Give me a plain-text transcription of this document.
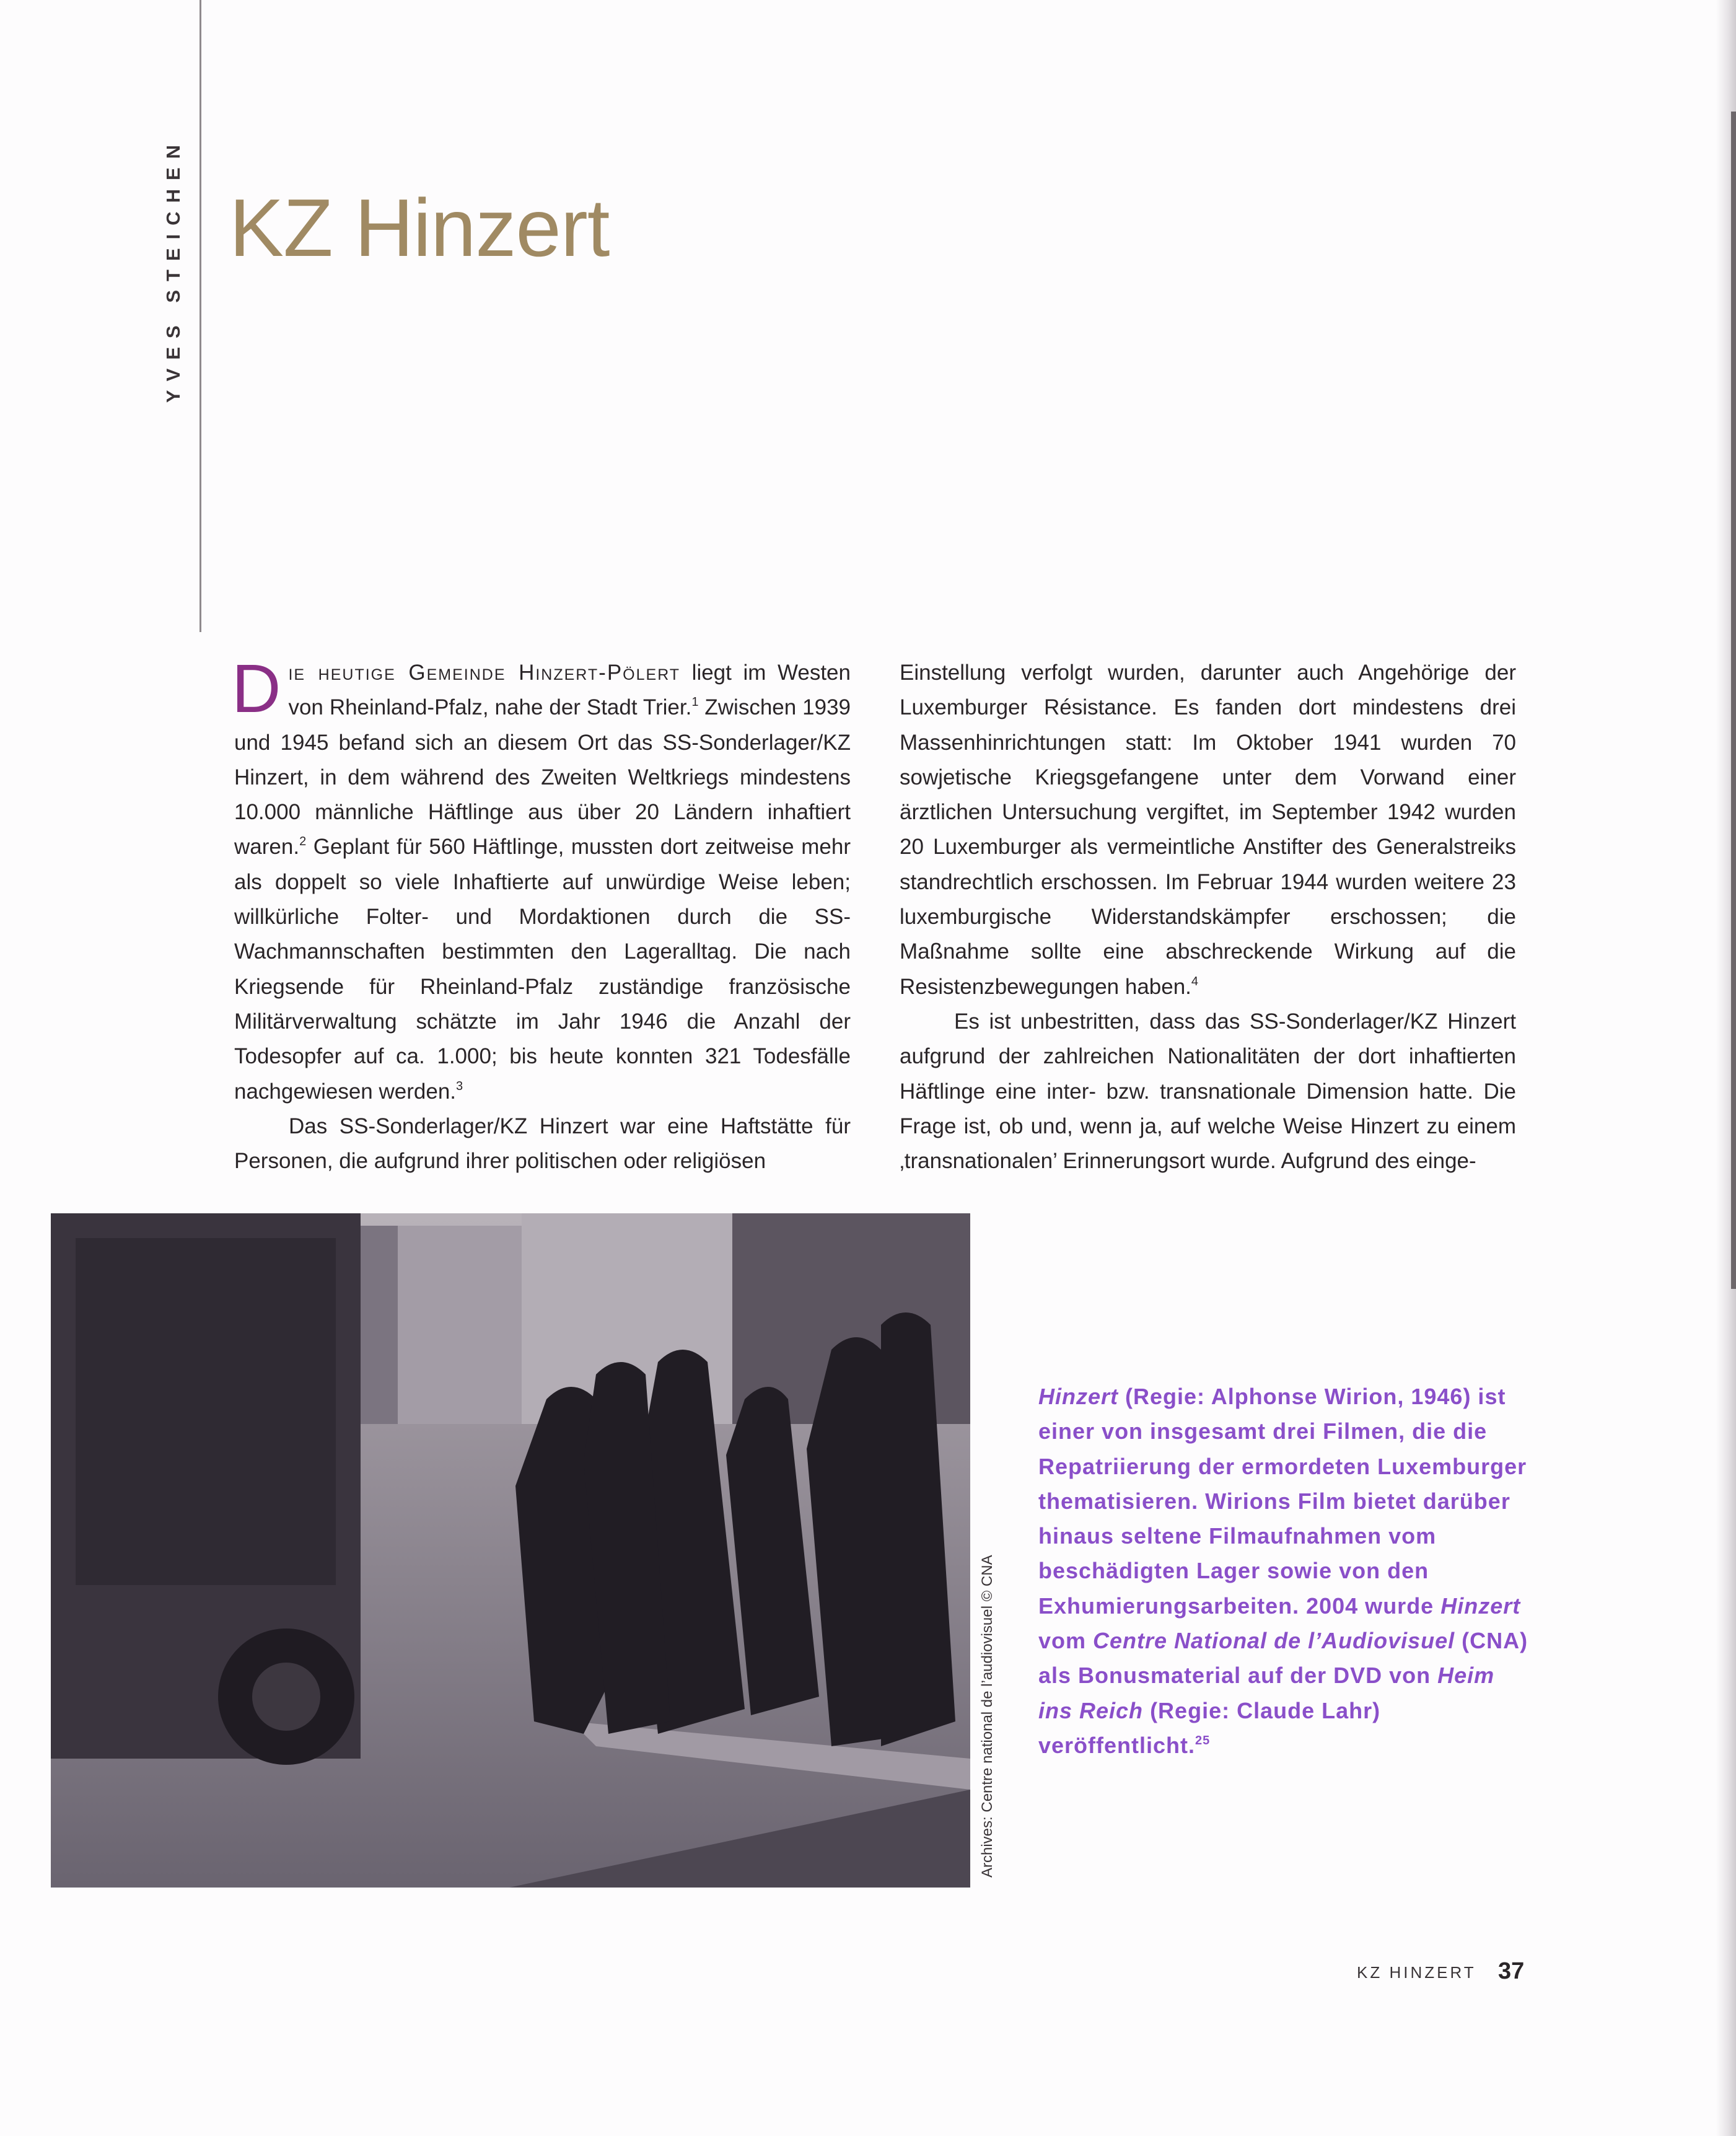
YVES STEICHEN KZ Hinzert

Die heutige Gemeinde Hinzert-Pölert liegt im Westen von Rheinland-Pfalz, nahe der Stadt Trier.$^1$ Zwischen 1939 und 1945 befand sich an diesem Ort das SS-Sonderlager/KZ Hinzert, in dem während des Zweiten Weltkriegs mindestens 10.000 männliche Häftlinge aus über 20 Ländern inhaftiert waren.$^2$ Geplant für 560 Häftlinge, mussten dort zeitweise mehr als doppelt so viele Inhaftierte auf unwürdige Weise leben; willkürliche Folter- und Mordaktionen durch die SS-Wachmannschaften bestimmten den Lageralltag. Die nach Kriegsende für Rheinland-Pfalz zuständige französische Militärverwaltung schätzte im Jahr 1946 die Anzahl der Todesopfer auf ca. 1.000; bis heute konnten 321 Todesfälle nachgewiesen werden.$^3$

Das SS-Sonderlager/KZ Hinzert war eine Haftstätte für Personen, die aufgrund ihrer politischen oder religiösen

Einstellung verfolgt wurden, darunter auch Angehörige der Luxemburger Résistance. Es fanden dort mindestens drei Massenhinrichtungen statt: Im Oktober 1941 wurden 70 sowjetische Kriegsgefangene unter dem Vorwand einer ärztlichen Untersuchung vergiftet, im September 1942 wurden 20 Luxemburger als vermeintliche Anstifter des Generalstreiks standrechtlich erschossen. Im Februar 1944 wurden weitere 23 luxemburgische Widerstandskämpfer erschossen; die Maßnahme sollte eine abschreckende Wirkung auf die Resistenzbewegungen haben.$^4$

Es ist unbestritten, dass das SS-Sonderlager/KZ Hinzert aufgrund der zahlreichen Nationalitäten der dort inhaftierten Häftlinge eine inter- bzw. transnationale Dimension hatte. Die Frage ist, ob und, wenn ja, auf welche Weise Hinzert zu einem ‚transnationalen’ Erinnerungsort wurde. Aufgrund des einge-

Archives: Centre national de l’audiovisuel © CNA

Hinzert (Regie: Alphonse Wirion, 1946) ist einer von insgesamt drei Filmen, die die Repatriierung der ermordeten Luxemburger thematisieren. Wirions Film bietet darüber hinaus seltene Filmaufnahmen vom beschädigten Lager sowie von den Exhumierungsarbeiten. 2004 wurde Hinzert vom Centre National de l’Audiovisuel (CNA) als Bonusmaterial auf der DVD von Heim ins Reich (Regie: Claude Lahr) veröffentlicht.$^{25}$

KZ HINZERT 37
